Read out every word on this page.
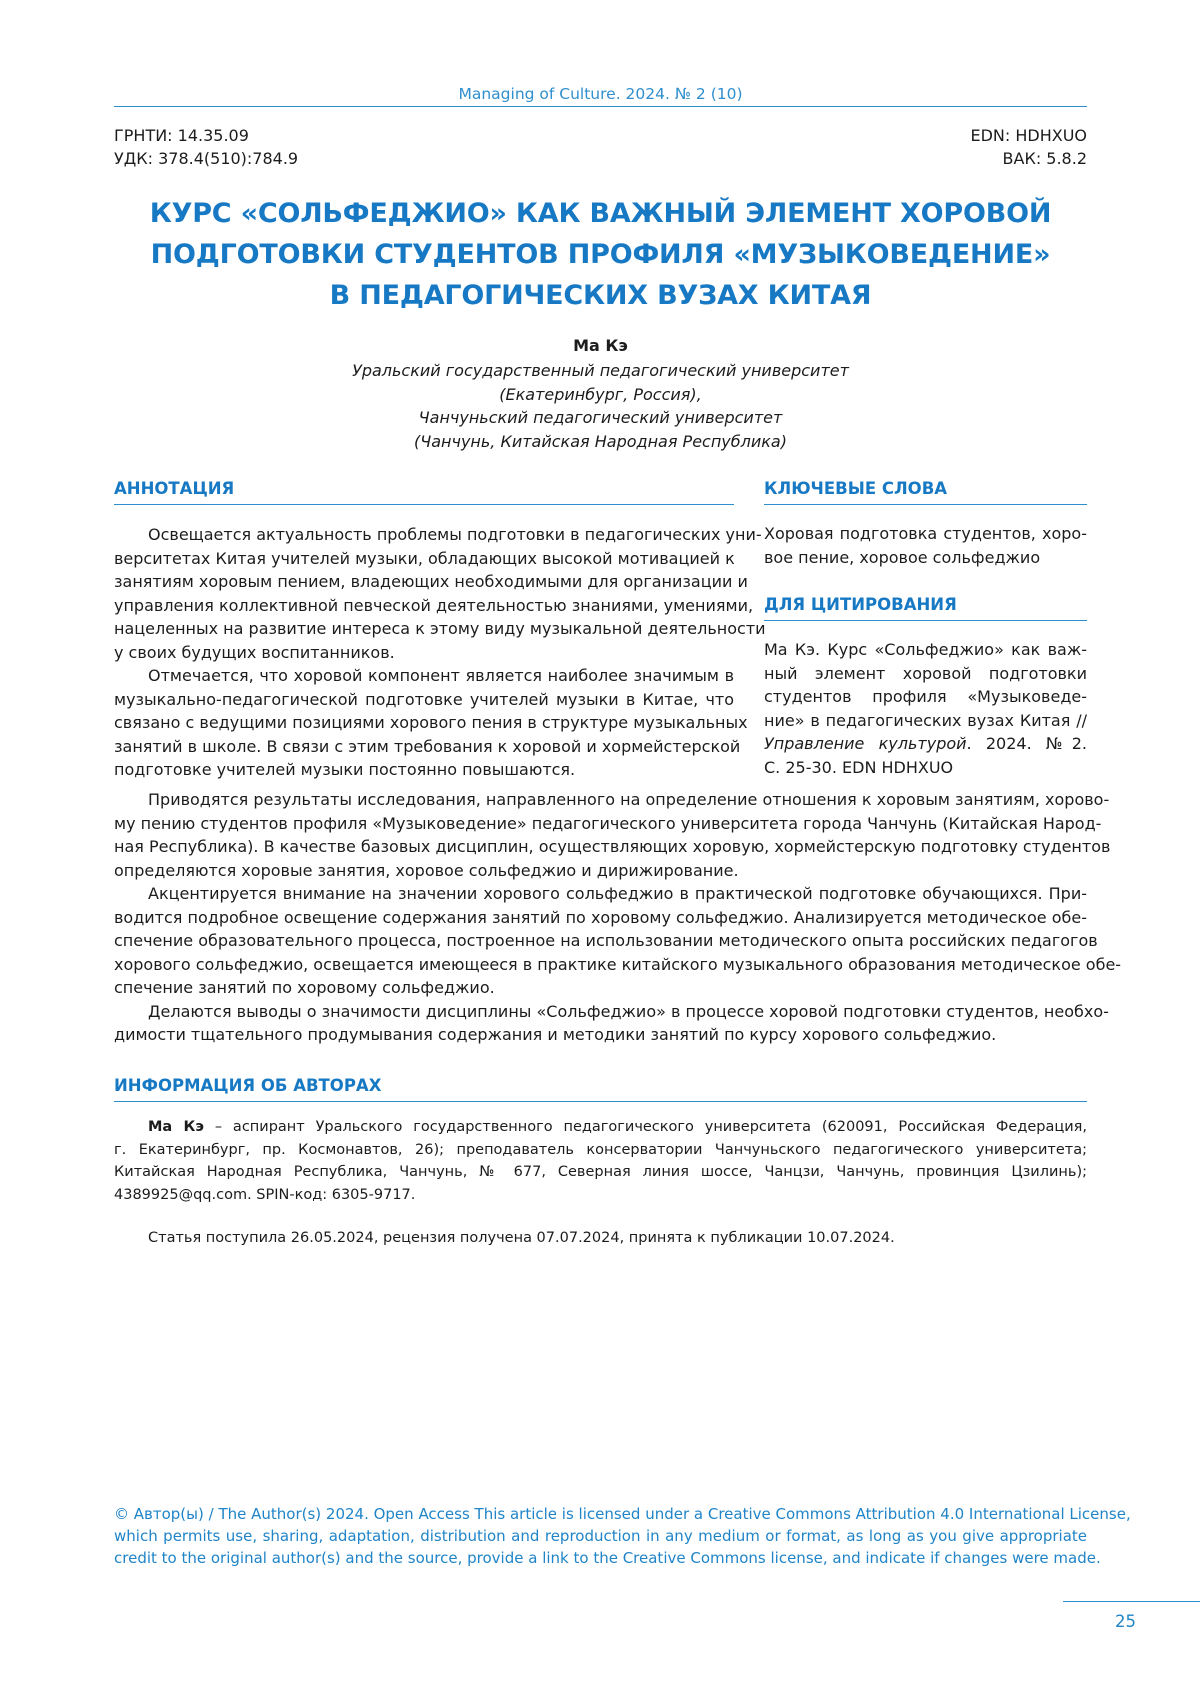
Managing of Culture. 2024. № 2 (10)
ГРНТИ: 14.35.09
УДК: 378.4(510):784.9
EDN: HDHXUO
ВАК: 5.8.2
КУРС «СОЛЬФЕДЖИО» КАК ВАЖНЫЙ ЭЛЕМЕНТ ХОРОВОЙ
ПОДГОТОВКИ СТУДЕНТОВ ПРОФИЛЯ «МУЗЫКОВЕДЕНИЕ»
В ПЕДАГОГИЧЕСКИХ ВУЗАХ КИТАЯ
Ма Кэ
Уральский государственный педагогический университет
(Екатеринбург, Россия),
Чанчуньский педагогический университет
(Чанчунь, Китайская Народная Республика)
АННОТАЦИЯ
Освещается актуальность проблемы подготовки в педагогических уни-
верситетах Китая учителей музыки, обладающих высокой мотивацией к
занятиям хоровым пением, владеющих необходимыми для организации и
управления коллективной певческой деятельностью знаниями, умениями,
нацеленных на развитие интереса к этому виду музыкальной деятельности
у своих будущих воспитанников.
Отмечается, что хоровой компонент является наиболее значимым в
музыкально-педагогической подготовке учителей музыки в Китае, что
связано с ведущими позициями хорового пения в структуре музыкальных
занятий в школе. В связи с этим требования к хоровой и хормейстерской
подготовке учителей музыки постоянно повышаются.
Приводятся результаты исследования, направленного на определение отношения к хоровым занятиям, хорово-
му пению студентов профиля «Музыковедение» педагогического университета города Чанчунь (Китайская Народ-
ная Республика). В качестве базовых дисциплин, осуществляющих хоровую, хормейстерскую подготовку студентов
определяются хоровые занятия, хоровое сольфеджио и дирижирование.
Акцентируется внимание на значении хорового сольфеджио в практической подготовке обучающихся. При-
водится подробное освещение содержания занятий по хоровому сольфеджио. Анализируется методическое обе-
спечение образовательного процесса, построенное на использовании методического опыта российских педагогов
хорового сольфеджио, освещается имеющееся в практике китайского музыкального образования методическое обе-
спечение занятий по хоровому сольфеджио.
Делаются выводы о значимости дисциплины «Сольфеджио» в процессе хоровой подготовки студентов, необхо-
димости тщательного продумывания содержания и методики занятий по курсу хорового сольфеджио.
КЛЮЧЕВЫЕ СЛОВА
Хоровая подготовка студентов, хоро-
вое пение, хоровое сольфеджио
ДЛЯ ЦИТИРОВАНИЯ
Ма Кэ. Курс «Сольфеджио» как важ-
ный элемент хоровой подготовки
студентов профиля «Музыковеде-
ние» в педагогических вузах Китая //
Управление культурой. 2024. №2.
С. 25-30. EDN HDHXUO
ИНФОРМАЦИЯ ОБ АВТОРАХ
Ма Кэ – аспирант Уральского государственного педагогического университета (620091, Российская Федерация,
г. Екатеринбург, пр. Космонавтов, 26); преподаватель консерватории Чанчуньского педагогического университета;
Китайская Народная Республика, Чанчунь, № 677, Северная линия шоссе, Чанцзи, Чанчунь, провинция Цзилинь);
4389925@qq.com. SPIN-код: 6305-9717.
Статья поступила 26.05.2024, рецензия получена 07.07.2024, принята к публикации 10.07.2024.
© Автор(ы) / The Author(s) 2024. Open Access This article is licensed under a Creative Commons Attribution 4.0 International License,
which permits use, sharing, adaptation, distribution and reproduction in any medium or format, as long as you give appropriate
credit to the original author(s) and the source, provide a link to the Creative Commons license, and indicate if changes were made.
25
